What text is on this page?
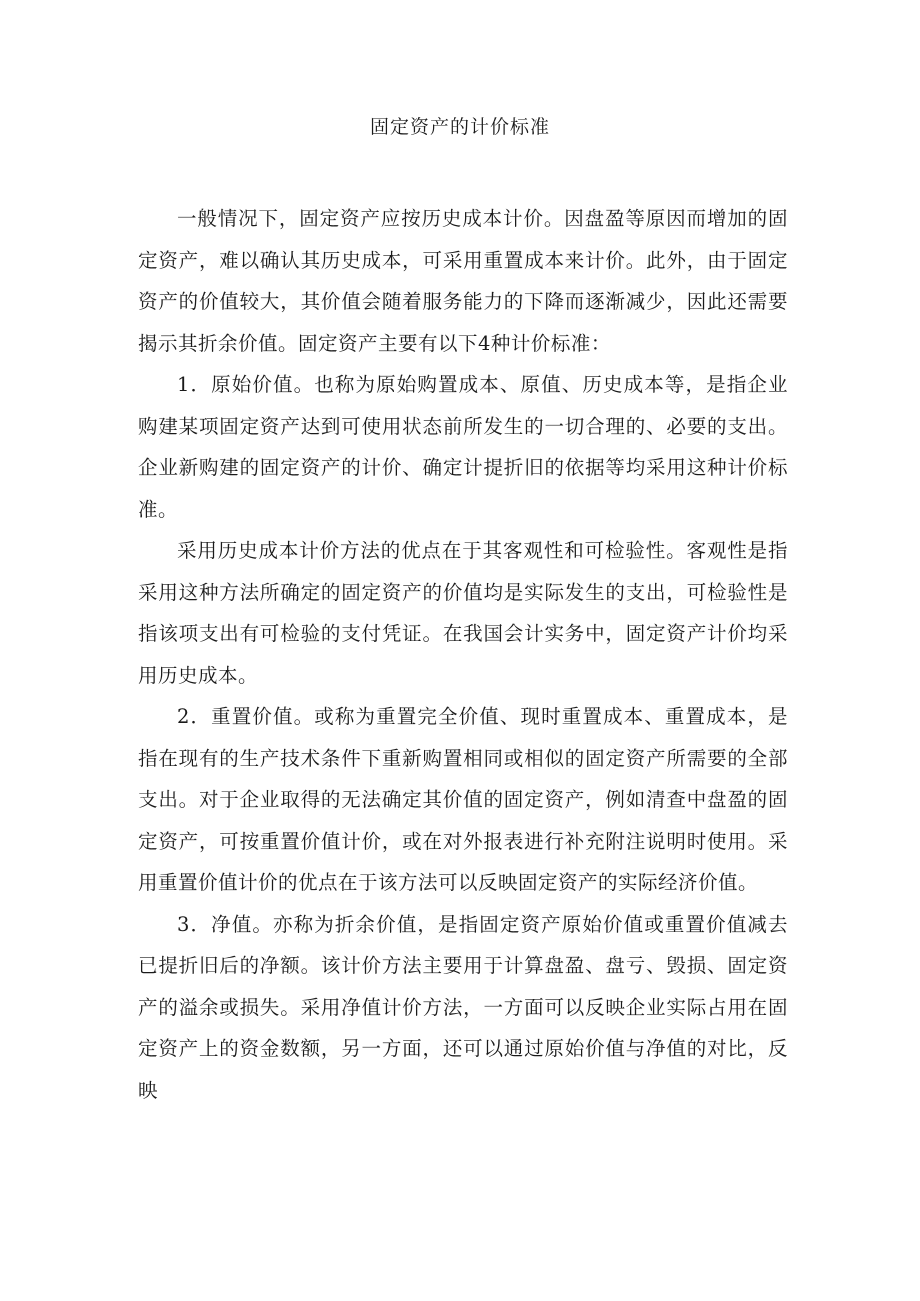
固定资产的计价标准

一般情况下，固定资产应按历史成本计价。因盘盈等原因而增加的固定资产，难以确认其历史成本，可采用重置成本来计价。此外，由于固定资产的价值较大，其价值会随着服务能力的下降而逐渐减少，因此还需要揭示其折余价值。固定资产主要有以下4种计价标准：

1．原始价值。也称为原始购置成本、原值、历史成本等，是指企业购建某项固定资产达到可使用状态前所发生的一切合理的、必要的支出。企业新购建的固定资产的计价、确定计提折旧的依据等均采用这种计价标准。

采用历史成本计价方法的优点在于其客观性和可检验性。客观性是指采用这种方法所确定的固定资产的价值均是实际发生的支出，可检验性是指该项支出有可检验的支付凭证。在我国会计实务中，固定资产计价均采用历史成本。

2．重置价值。或称为重置完全价值、现时重置成本、重置成本，是指在现有的生产技术条件下重新购置相同或相似的固定资产所需要的全部支出。对于企业取得的无法确定其价值的固定资产，例如清查中盘盈的固定资产，可按重置价值计价，或在对外报表进行补充附注说明时使用。采用重置价值计价的优点在于该方法可以反映固定资产的实际经济价值。

3．净值。亦称为折余价值，是指固定资产原始价值或重置价值减去已提折旧后的净额。该计价方法主要用于计算盘盈、盘亏、毁损、固定资产的溢余或损失。采用净值计价方法，一方面可以反映企业实际占用在固定资产上的资金数额，另一方面，还可以通过原始价值与净值的对比，反映
